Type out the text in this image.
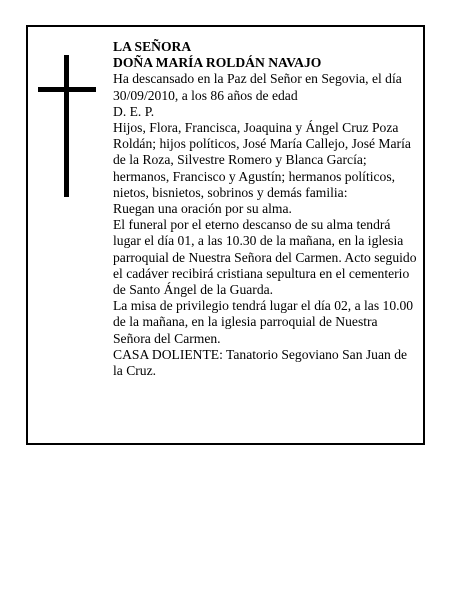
LA SEÑORA

DOÑA MARÍA ROLDÁN NAVAJO

Ha descansado en la Paz del Señor en Segovia, el día 30/09/2010, a los 86 años de edad

D. E. P.

Hijos, Flora, Francisca, Joaquina y Ángel Cruz Poza Roldán; hijos políticos, José María Callejo, José María de la Roza, Silvestre Romero y Blanca García; hermanos, Francisco y Agustín; hermanos políticos, nietos, bisnietos, sobrinos y demás familia:

Ruegan una oración por su alma.

El funeral por el eterno descanso de su alma tendrá lugar el día 01, a las 10.30 de la mañana, en la iglesia parroquial de Nuestra Señora del Carmen. Acto seguido el cadáver recibirá cristiana sepultura en el cementerio de Santo Ángel de la Guarda.

La misa de privilegio tendrá lugar el día 02, a las 10.00 de la mañana, en la iglesia parroquial de Nuestra Señora del Carmen.

CASA DOLIENTE: Tanatorio Segoviano San Juan de la Cruz.
